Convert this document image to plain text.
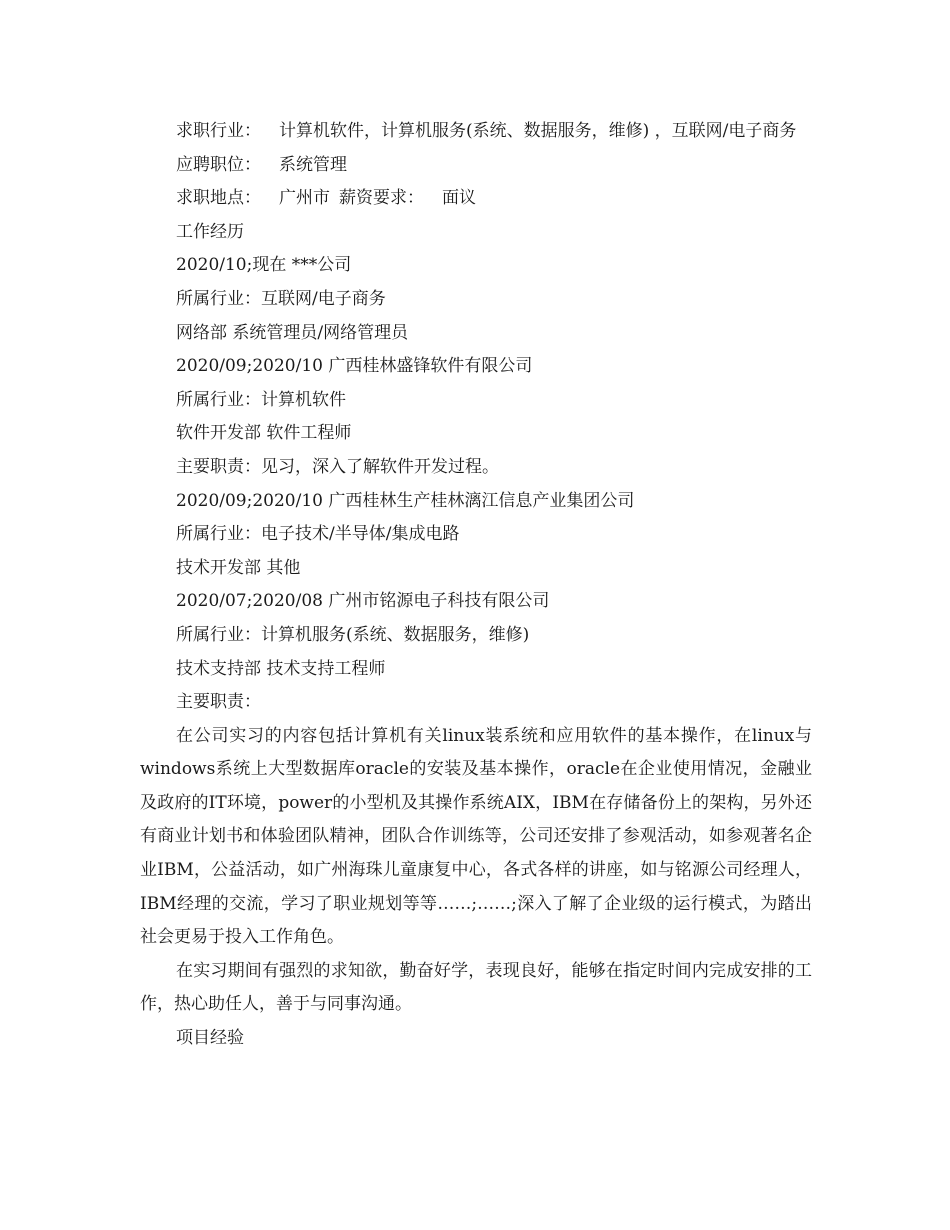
求职行业： 计算机软件，计算机服务(系统、数据服务，维修) ，互联网/电子商务

应聘职位： 系统管理
求职地点： 广州市 薪资要求： 面议
工作经历
2020/10;现在 ***公司
所属行业：互联网/电子商务
网络部 系统管理员/网络管理员
2020/09;2020/10 广西桂林盛锋软件有限公司
所属行业：计算机软件
软件开发部 软件工程师
主要职责：见习，深入了解软件开发过程。
2020/09;2020/10 广西桂林生产桂林漓江信息产业集团公司
所属行业：电子技术/半导体/集成电路
技术开发部 其他
2020/07;2020/08 广州市铭源电子科技有限公司
所属行业：计算机服务(系统、数据服务，维修)
技术支持部 技术支持工程师
主要职责：

在公司实习的内容包括计算机有关linux装系统和应用软件的基本操作，在linux与windows系统上大型数据库oracle的安装及基本操作，oracle在企业使用情况，金融业及政府的IT环境，power的小型机及其操作系统AIX，IBM在存储备份上的架构，另外还有商业计划书和体验团队精神，团队合作训练等，公司还安排了参观活动，如参观著名企业IBM，公益活动，如广州海珠儿童康复中心，各式各样的讲座，如与铭源公司经理人，IBM经理的交流，学习了职业规划等等……;……;深入了解了企业级的运行模式，为踏出社会更易于投入工作角色。

在实习期间有强烈的求知欲，勤奋好学，表现良好，能够在指定时间内完成安排的工作，热心助任人，善于与同事沟通。

项目经验
